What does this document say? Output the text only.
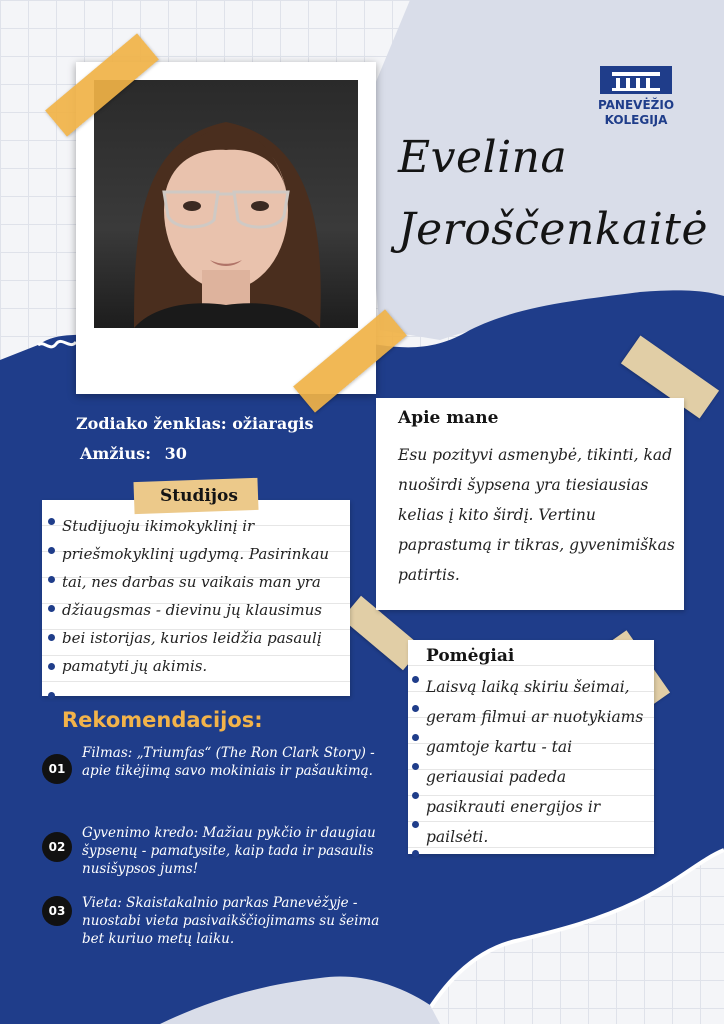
PANEVĖŽIO
KOLEGIJA
Evelina
Jeroščenkaitė
Zodiako ženklas: ožiaragis
Amžius: 30
Studijuoju ikimokyklinį ir priešmokyklinį ugdymą. Pasirinkau tai, nes darbas su vaikais man yra džiaugsmas - dievinu jų klausimus bei istorijas, kurios leidžia pasaulį pamatyti jų akimis.
Studijos
Apie mane
Esu pozityvi asmenybė, tikinti, kad nuoširdi šypsena yra tiesiausias kelias į kito širdį. Vertinu paprastumą ir tikras, gyvenimiškas patirtis.
Pomėgiai
Laisvą laiką skiriu šeimai, geram filmui ar nuotykiams gamtoje kartu - tai geriausiai padeda pasikrauti energijos ir pailsėti.
Rekomendacijos:
01
Filmas: „Triumfas“ (The Ron Clark Story) - apie tikėjimą savo mokiniais ir pašaukimą.
02
Gyvenimo kredo: Mažiau pykčio ir daugiau šypsenų - pamatysite, kaip tada ir pasaulis nusišypsos jums!
03	Vieta: Skaistakalnio parkas Panevėžyje - nuostabi vieta pasivaikščiojimams su šeima bet kuriuo metų laiku.
